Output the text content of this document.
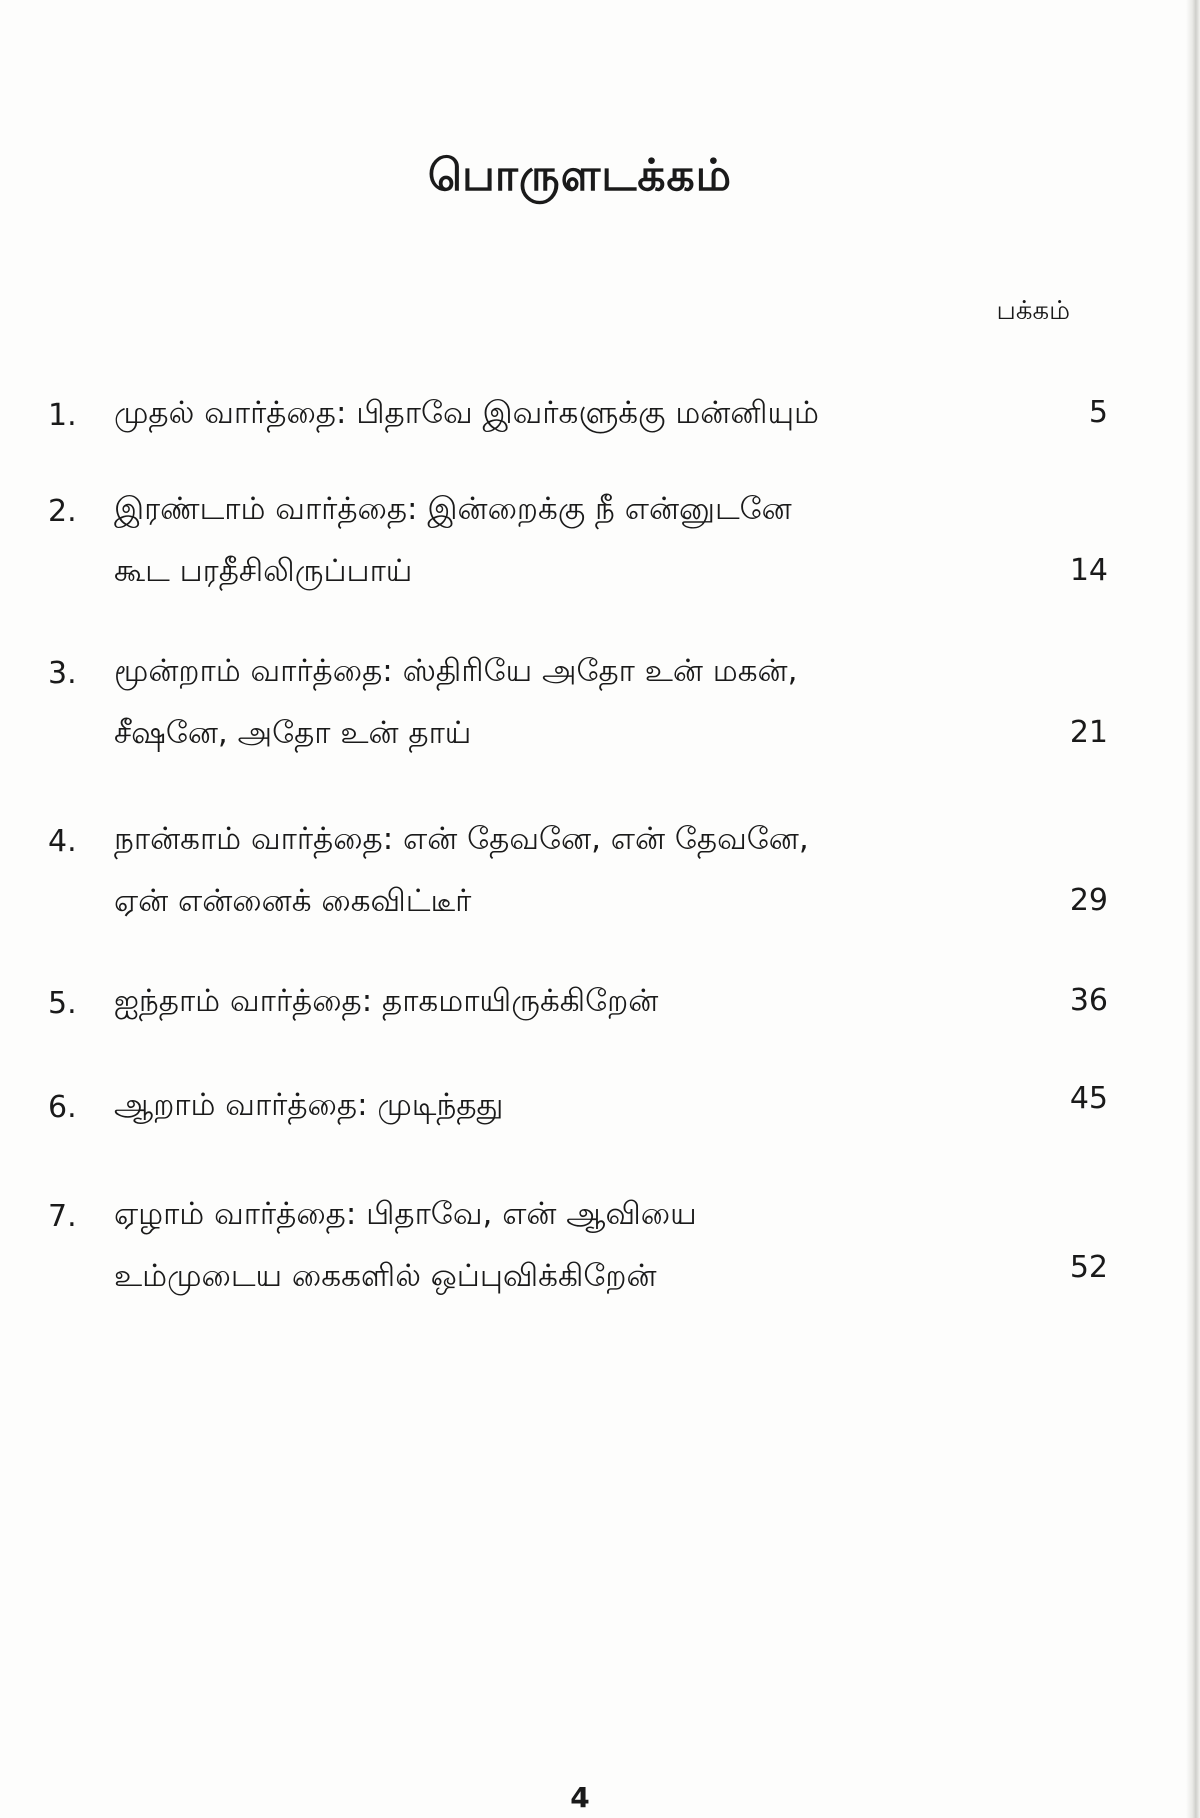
பொருளடக்கம்
பக்கம்
1. முதல் வார்த்தை: பிதாவே இவர்களுக்கு மன்னியும்	5
2. இரண்டாம் வார்த்தை: இன்றைக்கு நீ என்னுடனே
கூட பரதீசிலிருப்பாய்	14
3. மூன்றாம் வார்த்தை: ஸ்திரியே அதோ உன் மகன்,
சீஷனே, அதோ உன் தாய்	21
4. நான்காம் வார்த்தை: என் தேவனே, என் தேவனே,
ஏன் என்னைக் கைவிட்டீர்	29
5. ஐந்தாம் வார்த்தை: தாகமாயிருக்கிறேன்	36
6. ஆறாம் வார்த்தை: முடிந்தது	45
7. ஏழாம் வார்த்தை: பிதாவே, என் ஆவியை
உம்முடைய கைகளில் ஒப்புவிக்கிறேன்	52
4
